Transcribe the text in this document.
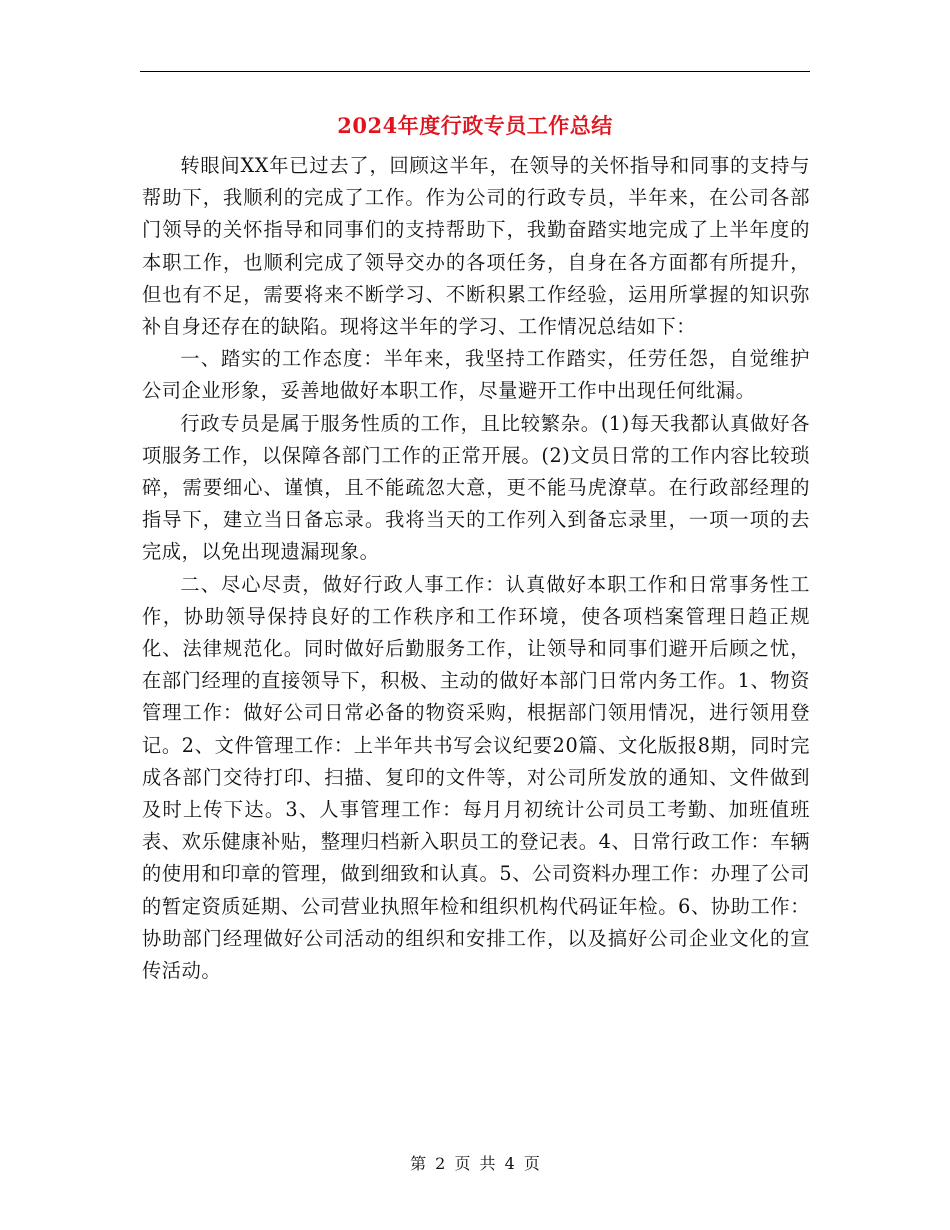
2024年度行政专员工作总结

转眼间XX年已过去了，回顾这半年，在领导的关怀指导和同事的支持与帮助下，我顺利的完成了工作。作为公司的行政专员，半年来，在公司各部门领导的关怀指导和同事们的支持帮助下，我勤奋踏实地完成了上半年度的本职工作，也顺利完成了领导交办的各项任务，自身在各方面都有所提升，但也有不足，需要将来不断学习、不断积累工作经验，运用所掌握的知识弥补自身还存在的缺陷。现将这半年的学习、工作情况总结如下：

一、踏实的工作态度：半年来，我坚持工作踏实，任劳任怨，自觉维护公司企业形象，妥善地做好本职工作，尽量避开工作中出现任何纰漏。

行政专员是属于服务性质的工作，且比较繁杂。(1)每天我都认真做好各项服务工作，以保障各部门工作的正常开展。(2)文员日常的工作内容比较琐碎，需要细心、谨慎，且不能疏忽大意，更不能马虎潦草。在行政部经理的指导下，建立当日备忘录。我将当天的工作列入到备忘录里，一项一项的去完成，以免出现遗漏现象。

二、尽心尽责，做好行政人事工作：认真做好本职工作和日常事务性工作，协助领导保持良好的工作秩序和工作环境，使各项档案管理日趋正规化、法律规范化。同时做好后勤服务工作，让领导和同事们避开后顾之忧，在部门经理的直接领导下，积极、主动的做好本部门日常内务工作。1、物资管理工作：做好公司日常必备的物资采购，根据部门领用情况，进行领用登记。2、文件管理工作：上半年共书写会议纪要20篇、文化版报8期，同时完成各部门交待打印、扫描、复印的文件等，对公司所发放的通知、文件做到及时上传下达。3、人事管理工作：每月月初统计公司员工考勤、加班值班表、欢乐健康补贴，整理归档新入职员工的登记表。4、日常行政工作：车辆的使用和印章的管理，做到细致和认真。5、公司资料办理工作：办理了公司的暂定资质延期、公司营业执照年检和组织机构代码证年检。6、协助工作：协助部门经理做好公司活动的组织和安排工作，以及搞好公司企业文化的宣传活动。

第 2 页 共 4 页
